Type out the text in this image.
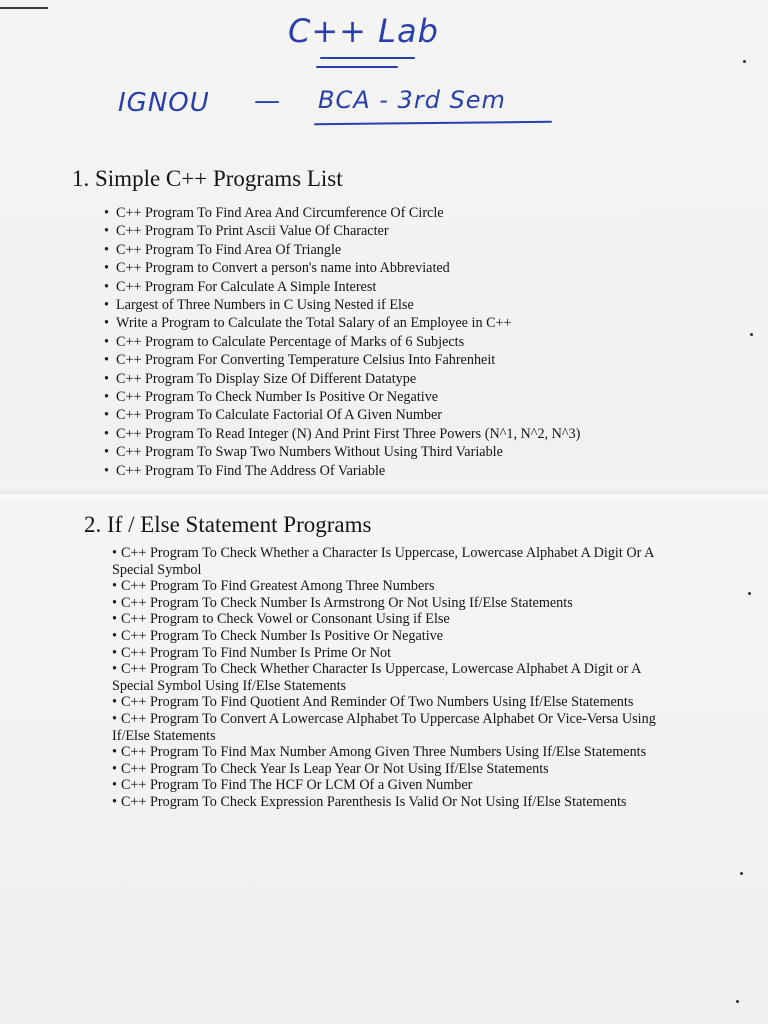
C++ Lab
IGNOU — BCA - 3rd Sem
1. Simple C++ Programs List
• C++ Program To Find Area And Circumference Of Circle
• C++ Program To Print Ascii Value Of Character
• C++ Program To Find Area Of Triangle
• C++ Program to Convert a person's name into Abbreviated
• C++ Program For Calculate A Simple Interest
• Largest of Three Numbers in C Using Nested if Else
• Write a Program to Calculate the Total Salary of an Employee in C++
• C++ Program to Calculate Percentage of Marks of 6 Subjects
• C++ Program For Converting Temperature Celsius Into Fahrenheit
• C++ Program To Display Size Of Different Datatype
• C++ Program To Check Number Is Positive Or Negative
• C++ Program To Calculate Factorial Of A Given Number
• C++ Program To Read Integer (N) And Print First Three Powers (N^1, N^2, N^3)
• C++ Program To Swap Two Numbers Without Using Third Variable
• C++ Program To Find The Address Of Variable
2. If / Else Statement Programs
• C++ Program To Check Whether a Character Is Uppercase, Lowercase Alphabet A Digit Or A Special Symbol
• C++ Program To Find Greatest Among Three Numbers
• C++ Program To Check Number Is Armstrong Or Not Using If/Else Statements
• C++ Program to Check Vowel or Consonant Using if Else
• C++ Program To Check Number Is Positive Or Negative
• C++ Program To Find Number Is Prime Or Not
• C++ Program To Check Whether Character Is Uppercase, Lowercase Alphabet A Digit or A Special Symbol Using If/Else Statements
• C++ Program To Find Quotient And Reminder Of Two Numbers Using If/Else Statements
• C++ Program To Convert A Lowercase Alphabet To Uppercase Alphabet Or Vice-Versa Using If/Else Statements
• C++ Program To Find Max Number Among Given Three Numbers Using If/Else Statements
• C++ Program To Check Year Is Leap Year Or Not Using If/Else Statements
• C++ Program To Find The HCF Or LCM Of a Given Number
• C++ Program To Check Expression Parenthesis Is Valid Or Not Using If/Else Statements
